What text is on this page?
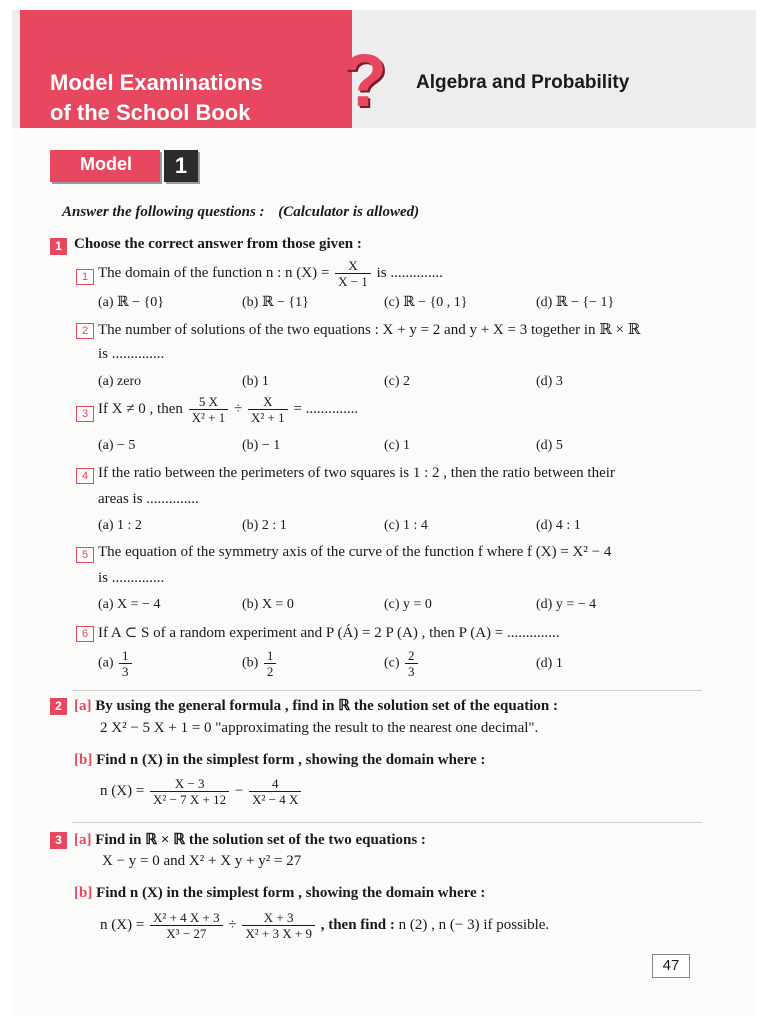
Model Examinations
of the School Book ? Algebra and Probability
Model	1
Answer the following questions : (Calculator is allowed)
1 Choose the correct answer from those given :
1 The domain of the function n : n $(X) = \frac{X}{X - 1}$ is ..............
(a) ℝ − {0}	(b) ℝ − {1}	(c) ℝ − {0 , 1}	(d) ℝ − {− 1}
2 The number of solutions of the two equations : X + y = 2 and y + X = 3 together in ℝ × ℝ
is ..............
(a) zero	(b) 1	(c) 2	(d) 3
3 If X ≠ 0 , then $\frac{5 X}{\text{X² + 1}} \div \frac{X}{\text{X² + 1}}$ = ..............
(a) − 5	(b) − 1	(c) 1	(d) 5
4 If the ratio between the perimeters of two squares is 1 : 2 , then the ratio between their
areas is ..............
(a) 1 : 2	(b) 2 : 1	(c) 1 : 4	(d) 4 : 1
5 The equation of the symmetry axis of the curve of the function f where f (X) = X² − 4
is ..............
(a) X = − 4	(b) X = 0	(c) y = 0	(d) y = − 4
6 If A ⊂ S of a random experiment and P (Á) = 2 P (A) , then P (A) = ..............
$(a) \frac{1}{3}$	$(b) \frac{1}{2}$	$(c) \frac{2}{3}$	(d) 1
2 [a] By using the general formula , find in ℝ the solution set of the equation :
2 X² − 5 X + 1 = 0 "approximating the result to the nearest one decimal".
[b] Find n (X) in the simplest form , showing the domain where :
n $(X) = \frac{X - 3}{\text{X² − 7 X + 12}} - \frac{4}{\text{X² − 4 X}}$
3 [a] Find in ℝ × ℝ the solution set of the two equations :
X − y = 0 and X² + X y + y² = 27
[b] Find n (X) in the simplest form , showing the domain where :
n $(X) = \frac{\text{X² + 4 X + 3}}{\text{X³ − 27}} \div \frac{X + 3}{\text{X² + 3 X + 9}}$ , then find : n (2) , n (− 3) if possible.
47
